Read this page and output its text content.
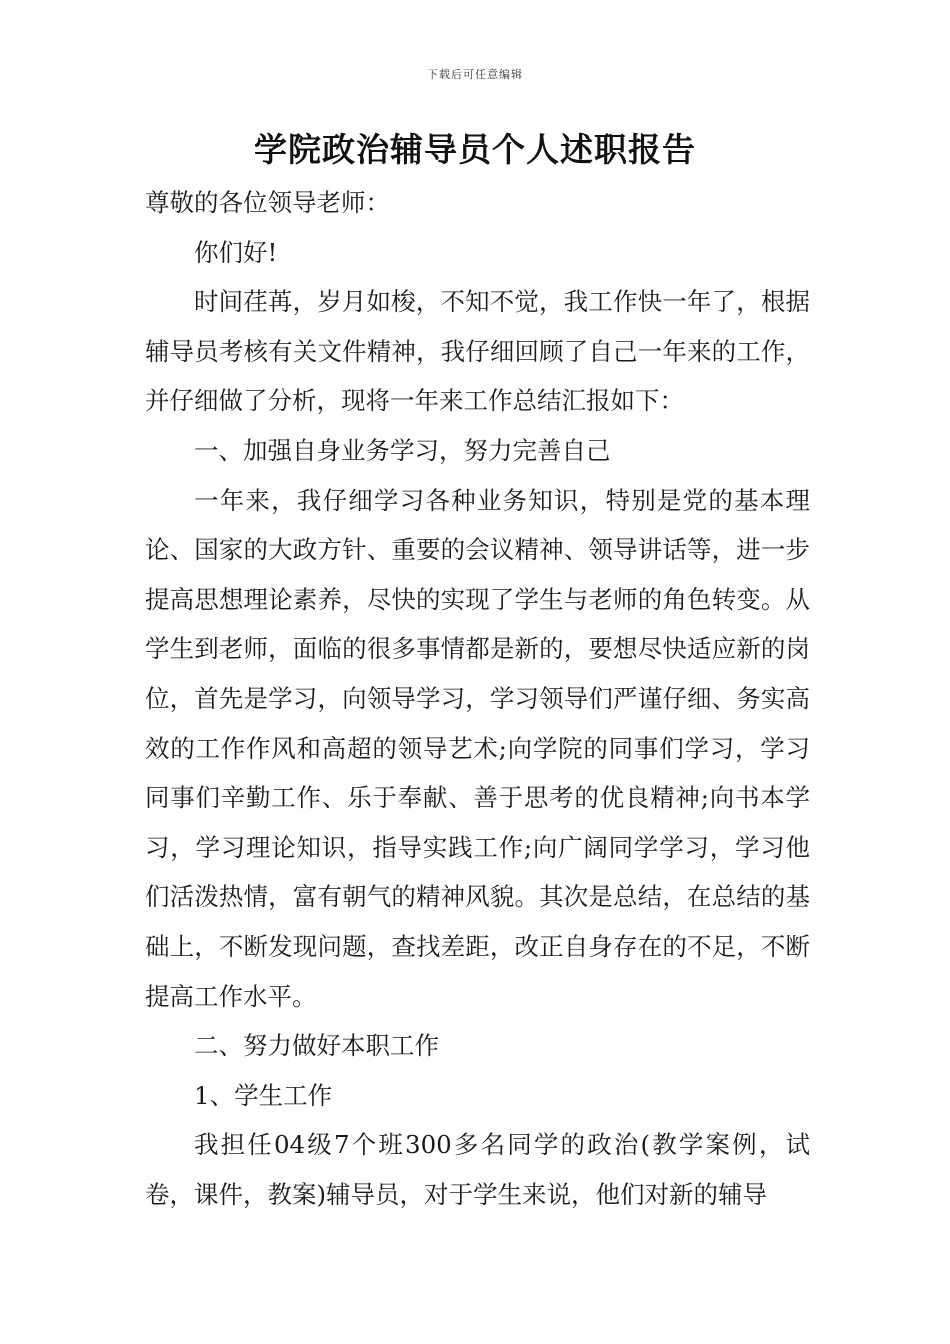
下载后可任意编辑
学院政治辅导员个人述职报告

尊敬的各位领导老师：

你们好!

时间荏苒，岁月如梭，不知不觉，我工作快一年了，根据辅导员考核有关文件精神，我仔细回顾了自己一年来的工作，并仔细做了分析，现将一年来工作总结汇报如下：

一、加强自身业务学习，努力完善自己

一年来，我仔细学习各种业务知识，特别是党的基本理论、国家的大政方针、重要的会议精神、领导讲话等，进一步提高思想理论素养，尽快的实现了学生与老师的角色转变。从学生到老师，面临的很多事情都是新的，要想尽快适应新的岗位，首先是学习，向领导学习，学习领导们严谨仔细、务实高效的工作作风和高超的领导艺术;向学院的同事们学习，学习同事们辛勤工作、乐于奉献、善于思考的优良精神;向书本学习，学习理论知识，指导实践工作;向广阔同学学习，学习他们活泼热情，富有朝气的精神风貌。其次是总结，在总结的基础上，不断发现问题，查找差距，改正自身存在的不足，不断提高工作水平。

二、努力做好本职工作

1、学生工作

我担任04级7个班300多名同学的政治(教学案例，试卷，课件，教案)辅导员，对于学生来说，他们对新的辅导
